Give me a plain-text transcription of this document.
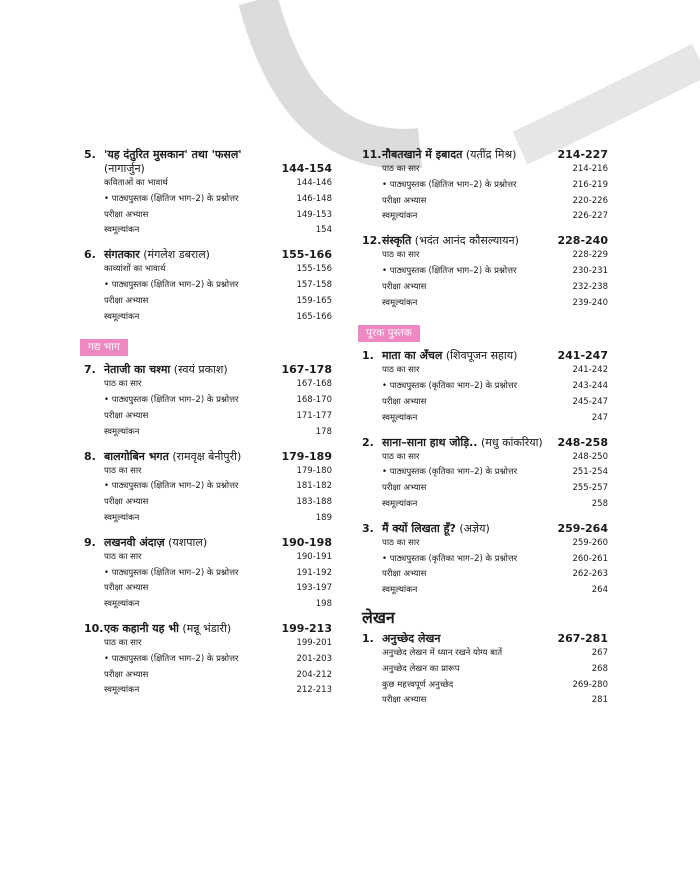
5. 'यह दंतुरित मुसकान' तथा 'फसल'
(नागार्जुन)	144-154
कविताओं का भावार्थ	144-146
• पाठ्यपुस्तक (क्षितिज भाग–2) के प्रश्नोत्तर	146-148
परीक्षा अभ्यास	149-153
स्वमूल्यांकन	154
6. संगतकार (मंगलेश डबराल)	155-166
काव्यांशों का भावार्थ	155-156
• पाठ्यपुस्तक (क्षितिज भाग–2) के प्रश्नोत्तर	157-158
परीक्षा अभ्यास	159-165
स्वमूल्यांकन	165-166
गद्य भाग
7. नेताजी का चश्मा (स्वयं प्रकाश)	167-178
पाठ का सार	167-168
• पाठ्यपुस्तक (क्षितिज भाग–2) के प्रश्नोत्तर	168-170
परीक्षा अभ्यास	171-177
स्वमूल्यांकन	178
8. बालगोबिन भगत (रामवृक्ष बेनीपुरी)	179-189
पाठ का सार	179-180
• पाठ्यपुस्तक (क्षितिज भाग–2) के प्रश्नोत्तर	181-182
परीक्षा अभ्यास	183-188
स्वमूल्यांकन	189
9. लखनवी अंदाज़ (यशपाल)	190-198
पाठ का सार	190-191
• पाठ्यपुस्तक (क्षितिज भाग–2) के प्रश्नोत्तर	191-192
परीक्षा अभ्यास	193-197
स्वमूल्यांकन	198
10. एक कहानी यह भी (मन्नू भंडारी)	199-213
पाठ का सार	199-201
• पाठ्यपुस्तक (क्षितिज भाग–2) के प्रश्नोत्तर	201-203
परीक्षा अभ्यास	204-212
स्वमूल्यांकन	212-213
11. नौबतखाने में इबादत (यतींद्र मिश्र)	214-227
पाठ का सार	214-216
• पाठ्यपुस्तक (क्षितिज भाग–2) के प्रश्नोत्तर	216-219
परीक्षा अभ्यास	220-226
स्वमूल्यांकन	226-227
12. संस्कृति (भदंत आनंद कौसल्यायन)	228-240
पाठ का सार	228-229
• पाठ्यपुस्तक (क्षितिज भाग–2) के प्रश्नोत्तर	230-231
परीक्षा अभ्यास	232-238
स्वमूल्यांकन	239-240
पूरक पुस्तक
1. माता का अँचल (शिवपूजन सहाय)	241-247
पाठ का सार	241-242
• पाठ्यपुस्तक (कृतिका भाग–2) के प्रश्नोत्तर	243-244
परीक्षा अभ्यास	245-247
स्वमूल्यांकन	247
2. साना–साना हाथ जोड़ि.. (मधु कांकरिया)	248-258
पाठ का सार	248-250
• पाठ्यपुस्तक (कृतिका भाग–2) के प्रश्नोत्तर	251-254
परीक्षा अभ्यास	255-257
स्वमूल्यांकन	258
3. मैं क्यों लिखता हूँ? (अज्ञेय)	259-264
पाठ का सार	259-260
• पाठ्यपुस्तक (कृतिका भाग–2) के प्रश्नोत्तर	260-261
परीक्षा अभ्यास	262-263
स्वमूल्यांकन	264
लेखन
1. अनुच्छेद लेखन	267-281
अनुच्छेद लेखन में ध्यान रखने योग्य बातें	267
अनुच्छेद लेखन का प्रारूप	268
कुछ महत्त्वपूर्ण अनुच्छेद	269-280
परीक्षा अभ्यास	281
